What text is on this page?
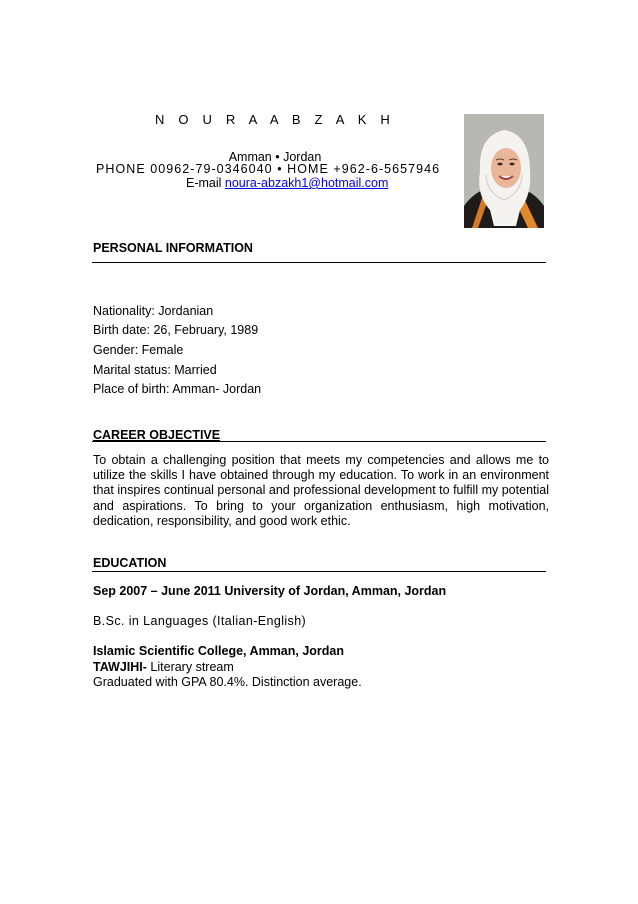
N O U R A A B Z A K H
Amman • Jordan
PHONE 00962-79-0346040 • HOME +962-6-5657946
E-mail noura-abzakh1@hotmail.com
PERSONAL INFORMATION
Nationality: Jordanian
Birth date: 26, February, 1989
Gender: Female
Marital status: Married
Place of birth: Amman- Jordan
CAREER OBJECTIVE
To obtain a challenging position that meets my competencies and allows me to utilize the skills I have obtained through my education. To work in an environment that inspires continual personal and professional development to fulfill my potential and aspirations. To bring to your organization enthusiasm, high motivation, dedication, responsibility, and good work ethic.
EDUCATION
Sep 2007 – June 2011 University of Jordan, Amman, Jordan
B.Sc. in Languages (Italian-English)
Islamic Scientific College, Amman, Jordan
TAWJIHI- Literary stream
Graduated with GPA 80.4%. Distinction average.
